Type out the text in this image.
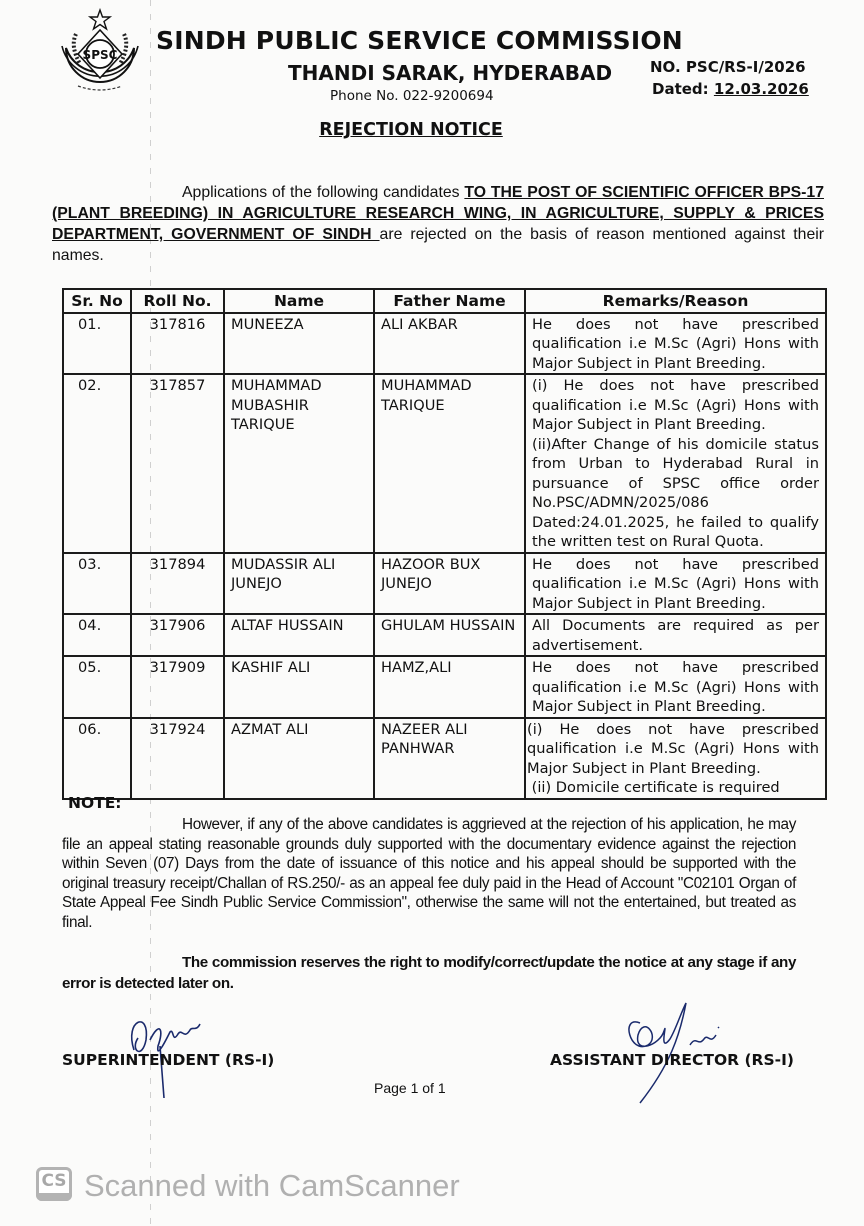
SPSC SINDH PUBLIC SERVICE COMMISSION
THANDI SARAK, HYDERABAD
Phone No. 022-9200694
NO. PSC/RS-I/2026
Dated: 12.03.2026
REJECTION NOTICE
Applications of the following candidates TO THE POST OF SCIENTIFIC OFFICER BPS-17 (PLANT BREEDING) IN AGRICULTURE RESEARCH WING, IN AGRICULTURE, SUPPLY & PRICES DEPARTMENT, GOVERNMENT OF SINDH are rejected on the basis of reason mentioned against their names.
Sr. No	Roll No.	Name	Father Name	Remarks/Reason
01.	317816	MUNEEZA	ALI AKBAR	He does not have prescribed qualification i.e M.Sc (Agri) Hons with Major Subject in Plant Breeding.

02.	317857	MUHAMMAD MUBASHIR TARIQUE	MUHAMMAD TARIQUE	(i) He does not have prescribed qualification i.e M.Sc (Agri) Hons with Major Subject in Plant Breeding.

(ii)After Change of his domicile status from Urban to Hyderabad Rural in pursuance of SPSC office order No.PSC/ADMN/2025/086 Dated:24.01.2025, he failed to qualify the written test on Rural Quota.

03.	317894	MUDASSIR ALI JUNEJO	HAZOOR BUX JUNEJO	He does not have prescribed qualification i.e M.Sc (Agri) Hons with Major Subject in Plant Breeding.

04.	317906	ALTAF HUSSAIN	GHULAM HUSSAIN	All Documents are required as per advertisement.

05.	317909	KASHIF ALI	HAMZ,ALI	He does not have prescribed qualification i.e M.Sc (Agri) Hons with Major Subject in Plant Breeding.

06.	317924	AZMAT ALI	NAZEER ALI PANHWAR	(i) He does not have prescribed qualification i.e M.Sc (Agri) Hons with Major Subject in Plant Breeding.

(ii) Domicile certificate is required

NOTE:
However, if any of the above candidates is aggrieved at the rejection of his application, he may file an appeal stating reasonable grounds duly supported with the documentary evidence against the rejection within Seven (07) Days from the date of issuance of this notice and his appeal should be supported with the original treasury receipt/Challan of RS.250/- as an appeal fee duly paid in the Head of Account "C02101 Organ of State Appeal Fee Sindh Public Service Commission", otherwise the same will not the entertained, but treated as final.
The commission reserves the right to modify/correct/update the notice at any stage if any error is detected later on.
SUPERINTENDENT (RS-I)	ASSISTANT DIRECTOR (RS-I)
Page 1 of 1
CS Scanned with CamScanner
